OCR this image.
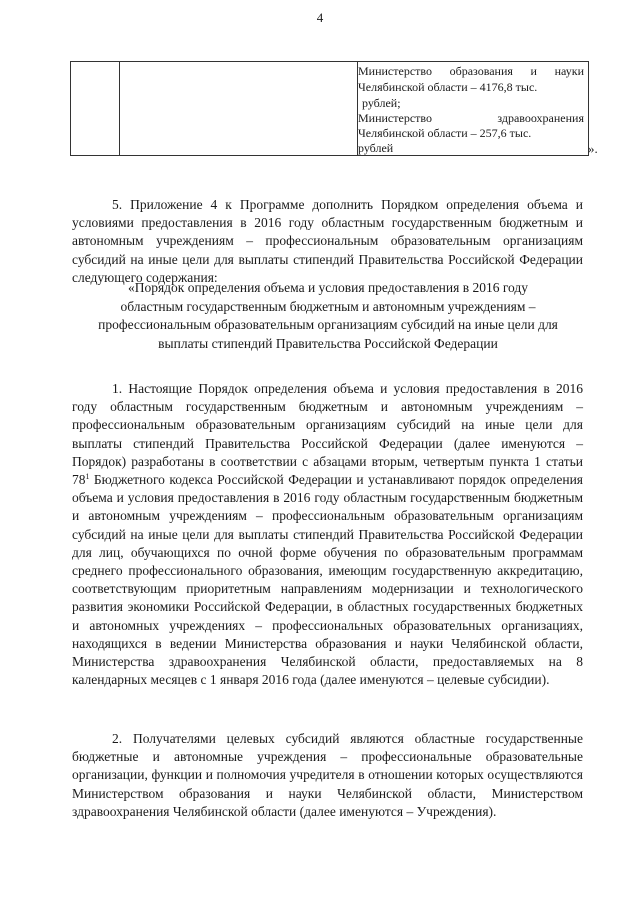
4

Министерство образования и науки
Челябинской области – 4176,8 тыс.
рублей;
Министерство здравоохранения
Челябинской области – 257,6 тыс.
рублей	».
5. Приложение 4 к Программе дополнить Порядком определения объема и условиями предоставления в 2016 году областным государственным бюджетным и автономным учреждениям – профессиональным образовательным организациям субсидий на иные цели для выплаты стипендий Правительства Российской Федерации следующего содержания:
«Порядок определения объема и условия предоставления в 2016 году областным государственным бюджетным и автономным учреждениям – профессиональным образовательным организациям субсидий на иные цели для выплаты стипендий Правительства Российской Федерации
1. Настоящие Порядок определения объема и условия предоставления в 2016 году областным государственным бюджетным и автономным учреждениям – профессиональным образовательным организациям субсидий на иные цели для выплаты стипендий Правительства Российской Федерации (далее именуются – Порядок) разработаны в соответствии с абзацами вторым, четвертым пункта 1 статьи $78^1$ Бюджетного кодекса Российской Федерации и устанавливают порядок определения объема и условия предоставления в 2016 году областным государственным бюджетным и автономным учреждениям – профессиональным образовательным организациям субсидий на иные цели для выплаты стипендий Правительства Российской Федерации для лиц, обучающихся по очной форме обучения по образовательным программам среднего профессионального образования, имеющим государственную аккредитацию, соответствующим приоритетным направлениям модернизации и технологического развития экономики Российской Федерации, в областных государственных бюджетных и автономных учреждениях – профессиональных образовательных организациях, находящихся в ведении Министерства образования и науки Челябинской области, Министерства здравоохранения Челябинской области, предоставляемых на 8 календарных месяцев с 1 января 2016 года (далее именуются – целевые субсидии).
2. Получателями целевых субсидий являются областные государственные бюджетные и автономные учреждения – профессиональные образовательные организации, функции и полномочия учредителя в отношении которых осуществляются Министерством образования и науки Челябинской области, Министерством здравоохранения Челябинской области (далее именуются – Учреждения).
